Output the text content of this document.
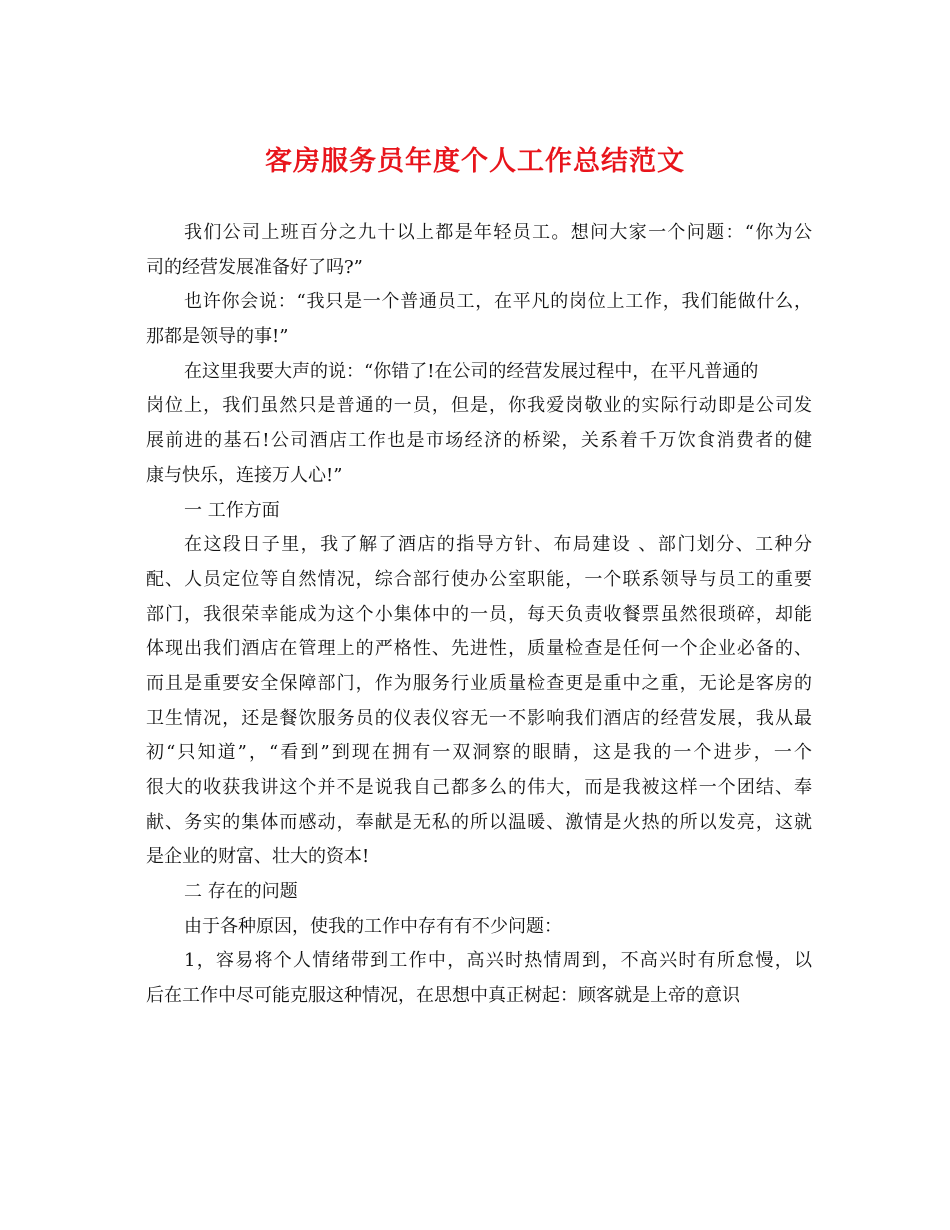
客房服务员年度个人工作总结范文
我们公司上班百分之九十以上都是年轻员工。想问大家一个问题：“你为公
司的经营发展准备好了吗?”
也许你会说：“我只是一个普通员工，在平凡的岗位上工作，我们能做什么，
那都是领导的事!”
在这里我要大声的说：“你错了!在公司的经营发展过程中，在平凡普通的
岗位上，我们虽然只是普通的一员，但是，你我爱岗敬业的实际行动即是公司发
展前进的基石!公司酒店工作也是市场经济的桥梁，关系着千万饮食消费者的健
康与快乐，连接万人心!”
一 工作方面
在这段日子里，我了解了酒店的指导方针、布局建设 、部门划分、工种分
配、人员定位等自然情况，综合部行使办公室职能，一个联系领导与员工的重要
部门，我很荣幸能成为这个小集体中的一员，每天负责收餐票虽然很琐碎，却能
体现出我们酒店在管理上的严格性、先进性，质量检查是任何一个企业必备的、
而且是重要安全保障部门，作为服务行业质量检查更是重中之重，无论是客房的
卫生情况，还是餐饮服务员的仪表仪容无一不影响我们酒店的经营发展，我从最
初“只知道”，“看到”到现在拥有一双洞察的眼睛，这是我的一个进步，一个
很大的收获我讲这个并不是说我自己都多么的伟大，而是我被这样一个团结、奉
献、务实的集体而感动，奉献是无私的所以温暖、激情是火热的所以发亮，这就
是企业的财富、壮大的资本!
二 存在的问题
由于各种原因，使我的工作中存有有不少问题：
1，容易将个人情绪带到工作中，高兴时热情周到，不高兴时有所怠慢，以
后在工作中尽可能克服这种情况，在思想中真正树起：顾客就是上帝的意识
